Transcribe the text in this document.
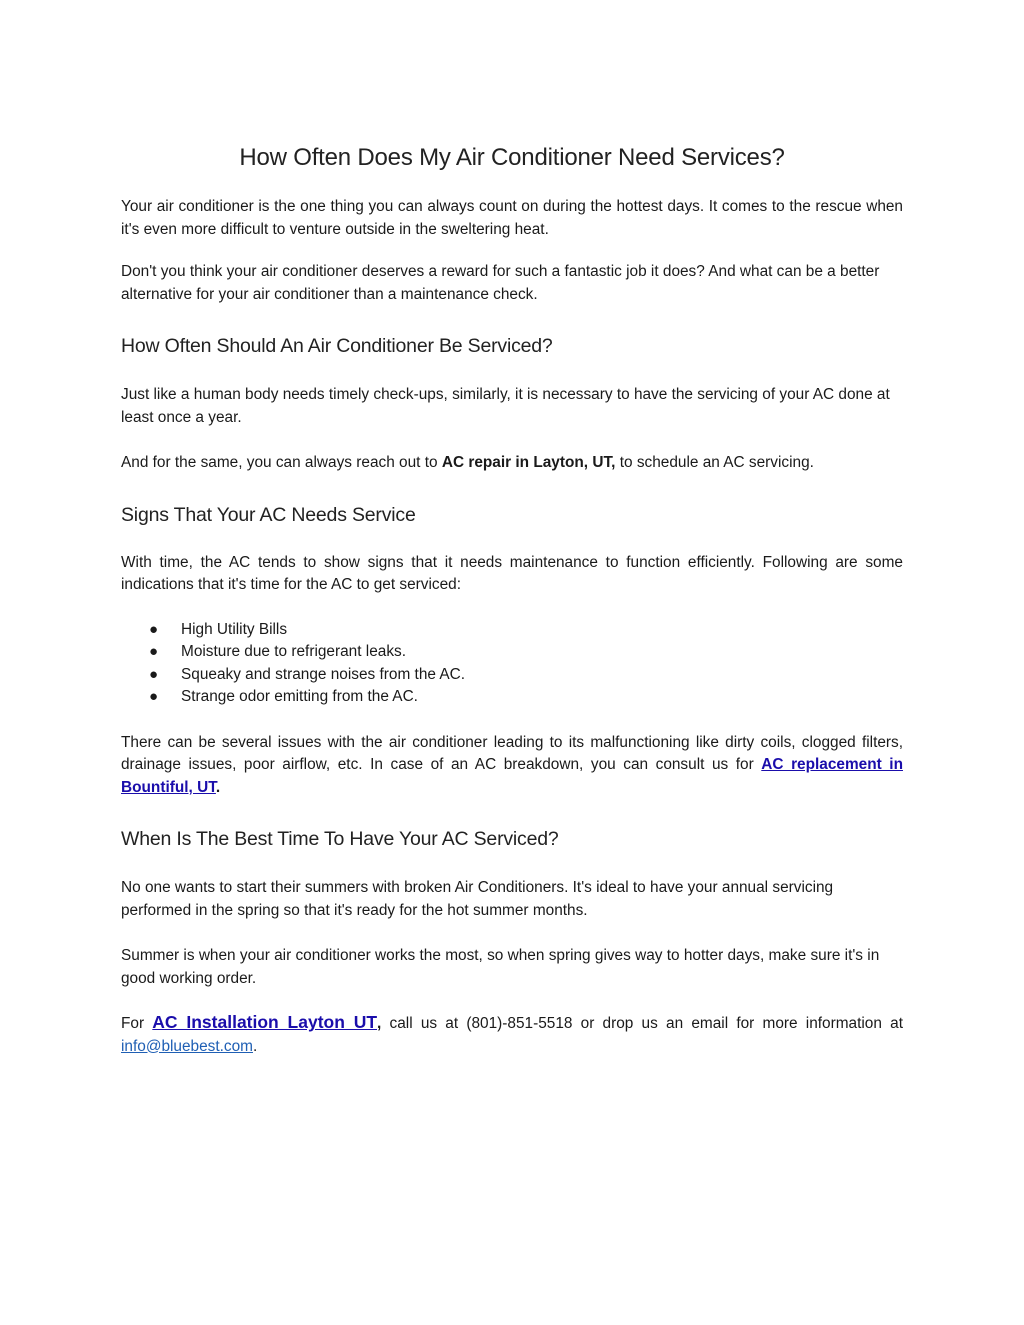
How Often Does My Air Conditioner Need Services?

Your air conditioner is the one thing you can always count on during the hottest days. It comes to the rescue when it's even more difficult to venture outside in the sweltering heat.

Don't you think your air conditioner deserves a reward for such a fantastic job it does? And what can be a better alternative for your air conditioner than a maintenance check.

How Often Should An Air Conditioner Be Serviced?

Just like a human body needs timely check-ups, similarly, it is necessary to have the servicing of your AC done at least once a year.

And for the same, you can always reach out to AC repair in Layton, UT, to schedule an AC servicing.

Signs That Your AC Needs Service

With time, the AC tends to show signs that it needs maintenance to function efficiently. Following are some indications that it's time for the AC to get serviced:

● High Utility Bills
● Moisture due to refrigerant leaks.
● Squeaky and strange noises from the AC.
● Strange odor emitting from the AC.

There can be several issues with the air conditioner leading to its malfunctioning like dirty coils, clogged filters, drainage issues, poor airflow, etc. In case of an AC breakdown, you can consult us for AC replacement in Bountiful, UT.

When Is The Best Time To Have Your AC Serviced?

No one wants to start their summers with broken Air Conditioners. It's ideal to have your annual servicing performed in the spring so that it's ready for the hot summer months.

Summer is when your air conditioner works the most, so when spring gives way to hotter days, make sure it's in good working order.

For AC Installation Layton UT, call us at (801)-851-5518 or drop us an email for more information at info@bluebest.com.
